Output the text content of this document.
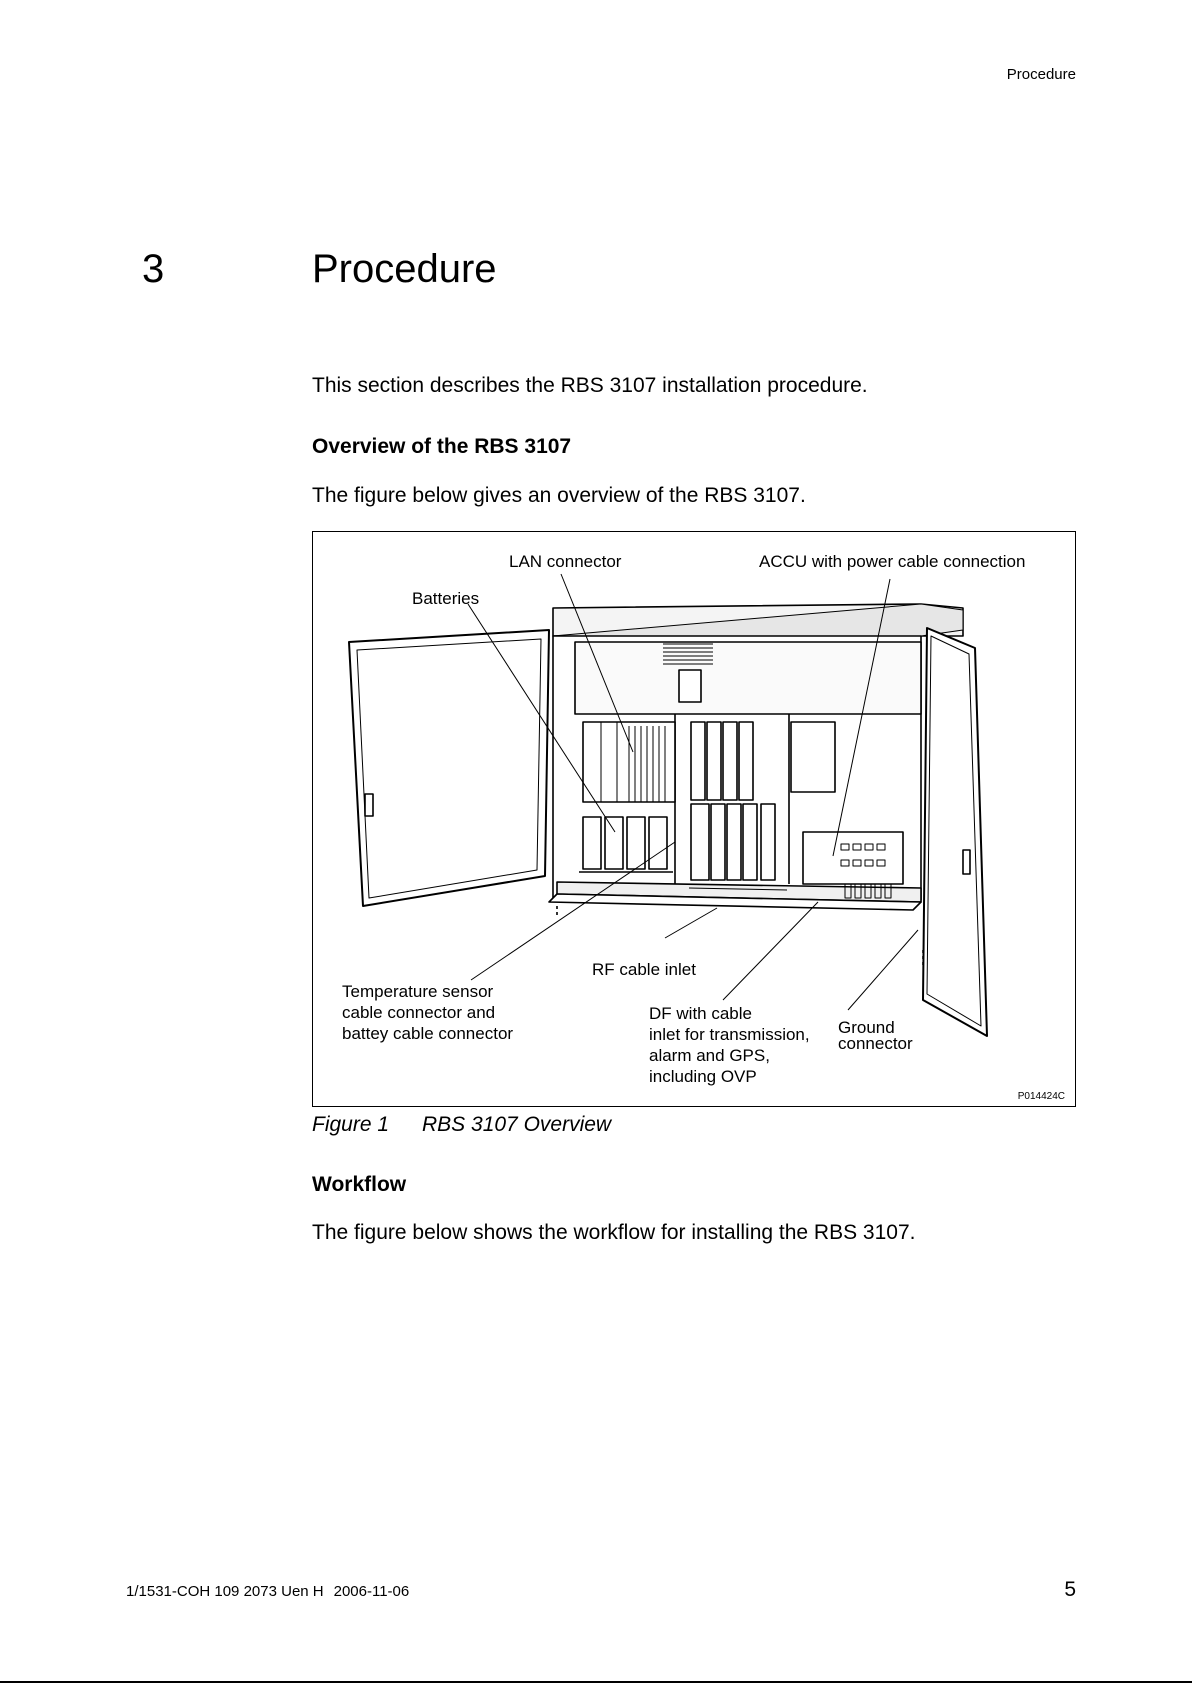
Procedure
3	Procedure

This section describes the RBS 3107 installation procedure.

Overview of the RBS 3107

The figure below gives an overview of the RBS 3107.

LAN connector	ACCU with power cable connection
Batteries
RF cable inlet
Temperature sensor
cable connector and
battey cable connector
DF with cable
inlet for transmission,
alarm and GPS,
including OVP
Ground
connector
P014424C
Figure 1 RBS 3107 Overview
Workflow

The figure below shows the workflow for installing the RBS 3107.

1/1531-COH 109 2073 Uen H 2006-11-06	5
